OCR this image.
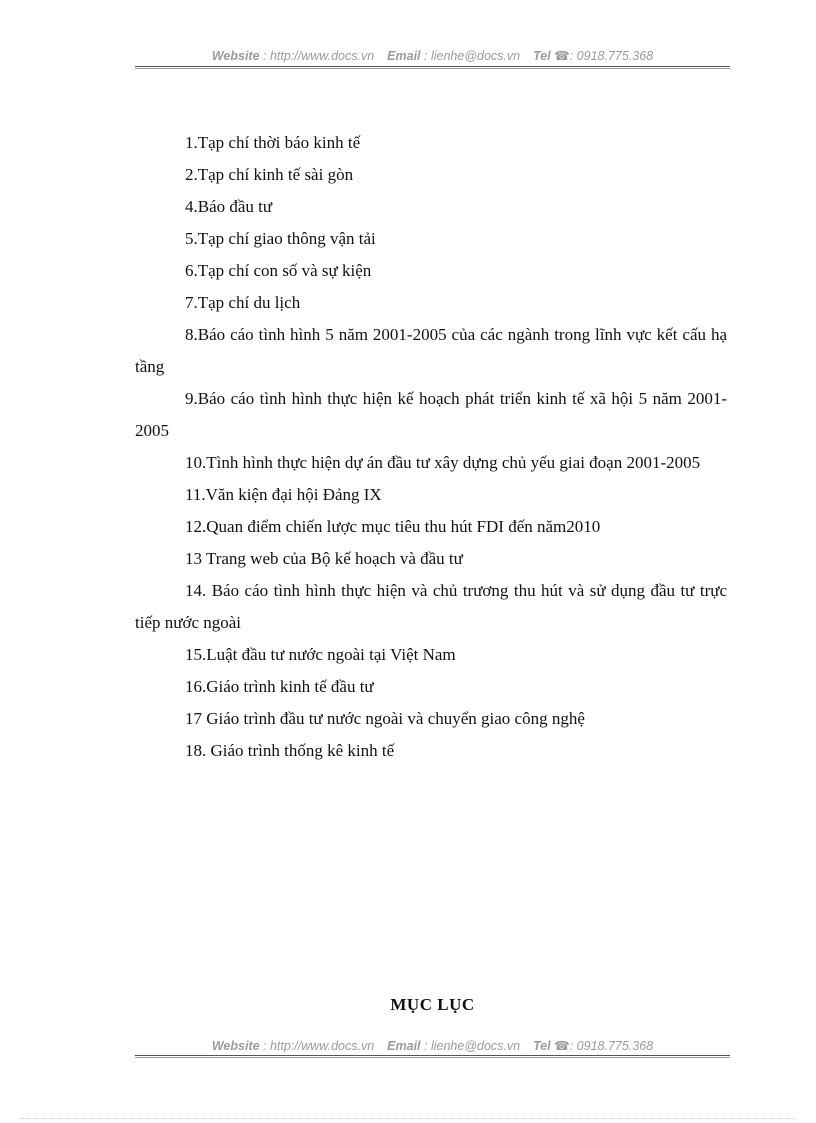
Website : http://www.docs.vn Email : lienhe@docs.vn Tel ☎: 0918.775.368
1.Tạp chí thời báo kinh tế
2.Tạp chí kinh tế sài gòn
4.Báo đầu tư
5.Tạp chí giao thông vận tải
6.Tạp chí con số và sự kiện
7.Tạp chí du lịch
8.Báo cáo tình hình 5 năm 2001-2005 của các ngành trong lĩnh vực kết cấu hạ tầng
9.Báo cáo tình hình thực hiện kế hoạch phát triển kinh tế xã hội 5 năm 2001-2005
10.Tình hình thực hiện dự án đầu tư xây dựng chủ yếu giai đoạn 2001-2005
11.Văn kiện đại hội Đảng IX
12.Quan điểm chiến lược mục tiêu thu hút FDI đến năm2010
13 Trang web của Bộ kế hoạch và đầu tư
14. Báo cáo tình hình thực hiện và chủ trương thu hút và sử dụng đầu tư trực tiếp nước ngoài
15.Luật đầu tư nước ngoài tại Việt Nam
16.Giáo trình kinh tế đầu tư
17 Giáo trình đầu tư nước ngoài và chuyển giao công nghệ
18. Giáo trình thống kê kinh tế
MỤC LỤC
Website : http://www.docs.vn Email : lienhe@docs.vn Tel ☎: 0918.775.368
